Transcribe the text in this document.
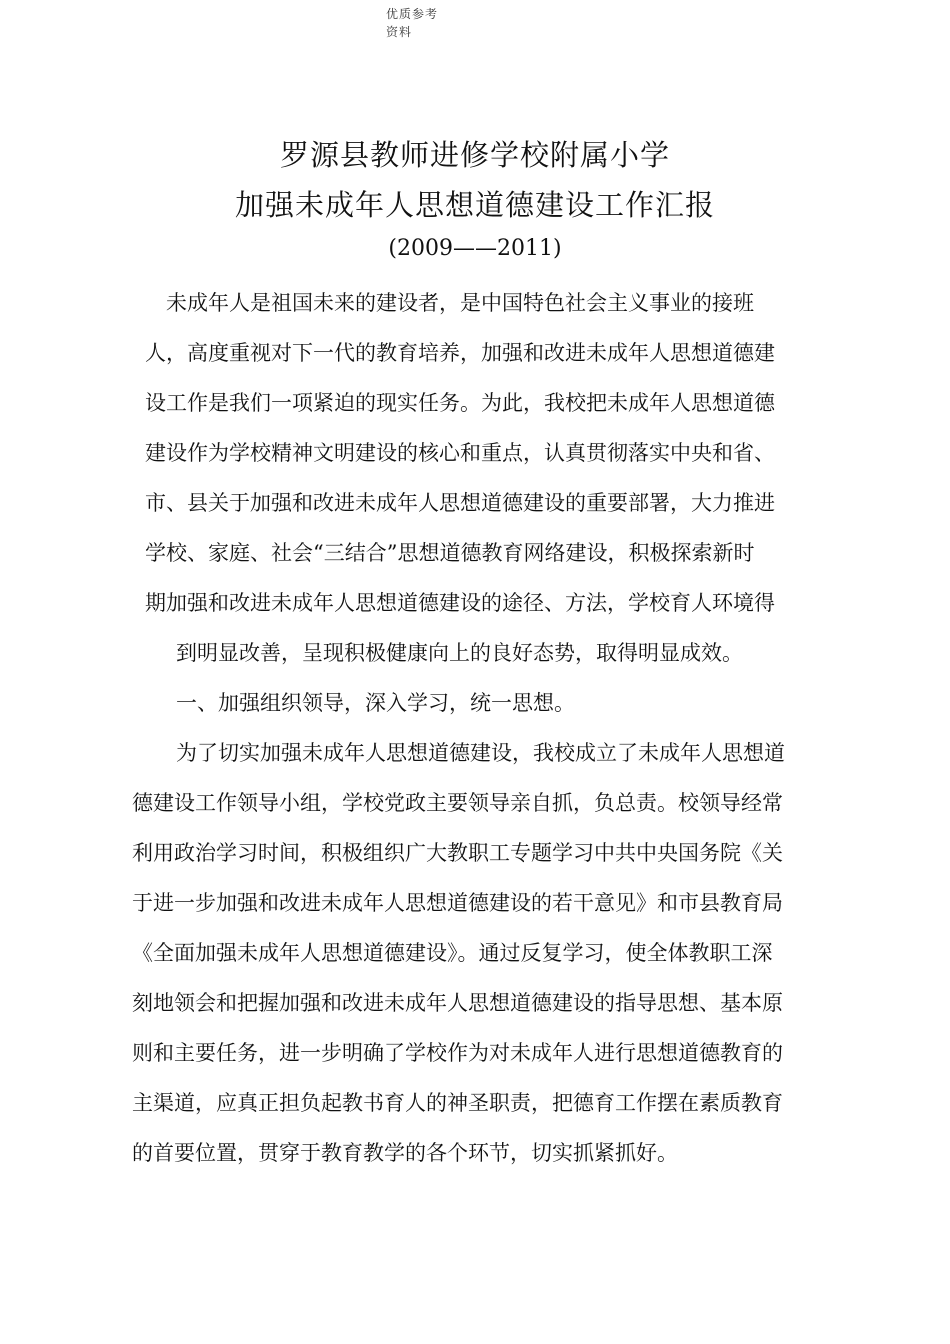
优质参考资料
罗源县教师进修学校附属小学
加强未成年人思想道德建设工作汇报
(2009——2011)
未成年人是祖国未来的建设者，是中国特色社会主义事业的接班
人，高度重视对下一代的教育培养，加强和改进未成年人思想道德建
设工作是我们一项紧迫的现实任务。为此，我校把未成年人思想道德
建设作为学校精神文明建设的核心和重点，认真贯彻落实中央和省、
市、县关于加强和改进未成年人思想道德建设的重要部署，大力推进
学校、家庭、社会“三结合”思想道德教育网络建设，积极探索新时
期加强和改进未成年人思想道德建设的途径、方法，学校育人环境得
到明显改善，呈现积极健康向上的良好态势，取得明显成效。
一、加强组织领导，深入学习，统一思想。
为了切实加强未成年人思想道德建设，我校成立了未成年人思想道
德建设工作领导小组，学校党政主要领导亲自抓，负总责。校领导经常
利用政治学习时间，积极组织广大教职工专题学习中共中央国务院《关
于进一步加强和改进未成年人思想道德建设的若干意见》和市县教育局
《全面加强未成年人思想道德建设》。通过反复学习，使全体教职工深
刻地领会和把握加强和改进未成年人思想道德建设的指导思想、基本原
则和主要任务，进一步明确了学校作为对未成年人进行思想道德教育的
主渠道，应真正担负起教书育人的神圣职责，把德育工作摆在素质教育
的首要位置，贯穿于教育教学的各个环节，切实抓紧抓好。
